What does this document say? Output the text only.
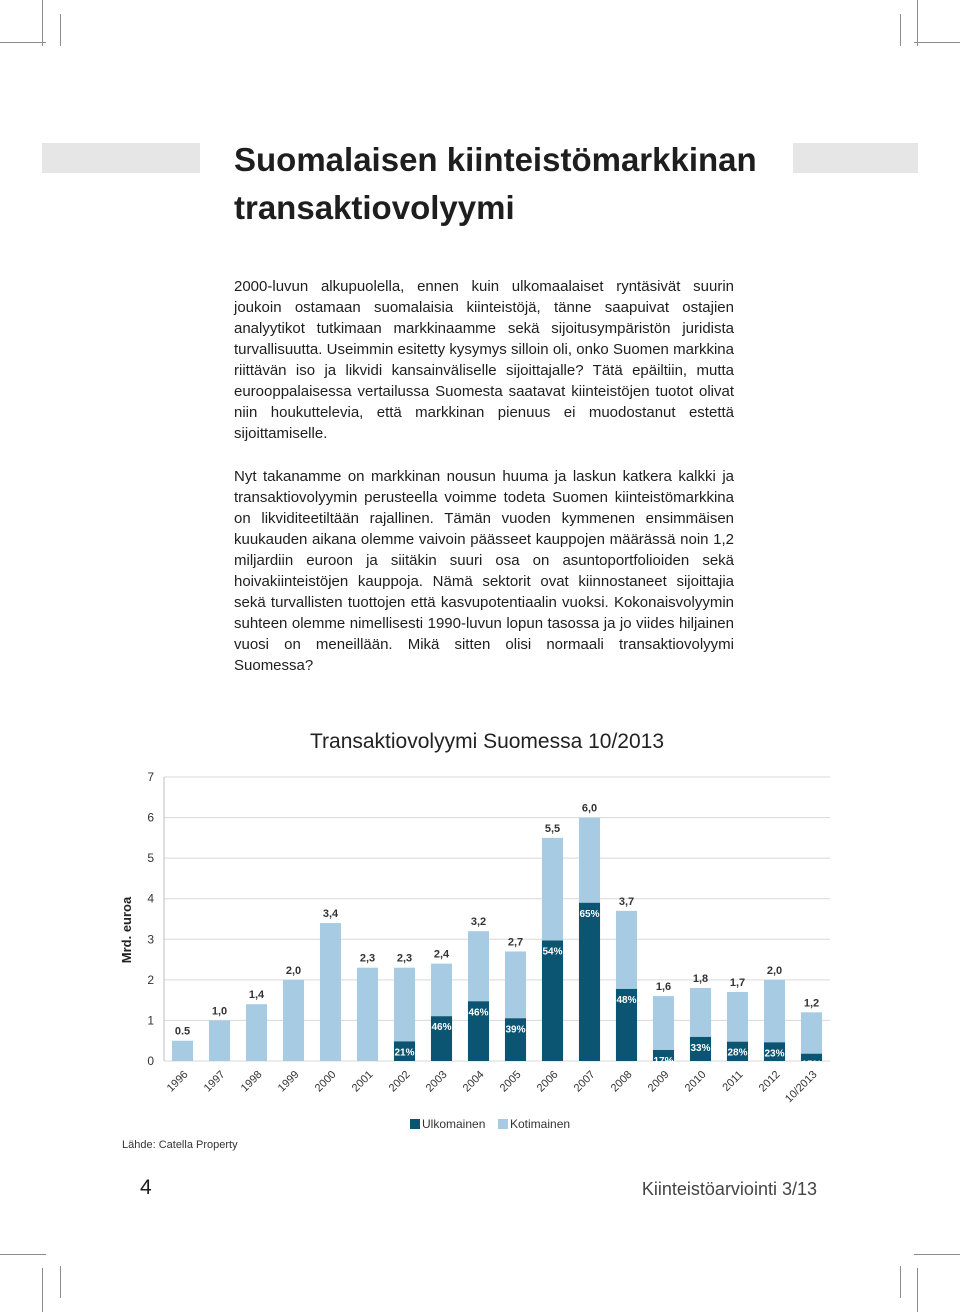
Suomalaisen kiinteistömarkkinan transaktiovolyymi

2000-luvun alkupuolella, ennen kuin ulkomaalaiset ryntäsivät suurin joukoin ostamaan suomalaisia kiinteistöjä, tänne saapuivat ostajien analyytikot tutkimaan markkinaamme sekä sijoitusympäristön juridista turvallisuutta. Useimmin esitetty kysymys silloin oli, onko Suomen markkina riittävän iso ja likvidi kansainväliselle sijoittajalle? Tätä epäiltiin, mutta eurooppalaisessa vertailussa Suomesta saatavat kiinteistöjen tuotot olivat niin houkuttelevia, että markkinan pienuus ei muodostanut estettä sijoittamiselle.

Nyt takanamme on markkinan nousun huuma ja laskun katkera kalkki ja transaktiovolyymin perusteella voimme todeta Suomen kiinteistömarkkina on likviditeetiltään rajallinen. Tämän vuoden kymmenen ensimmäisen kuukauden aikana olemme vaivoin päässeet kauppojen määrässä noin 1,2 miljardiin euroon ja siitäkin suuri osa on asuntoportfolioiden sekä hoivakiinteistöjen kauppoja. Nämä sektorit ovat kiinnostaneet sijoittajia sekä turvallisten tuottojen että kasvupotentiaalin vuoksi. Kokonaisvolyymin suhteen olemme nimellisesti 1990-luvun lopun tasossa ja jo viides hiljainen vuosi on meneillään. Mikä sitten olisi normaali transaktiovolyymi Suomessa?

Transaktiovolyymi Suomessa 10/2013
Mrd. euroa
0
1
2
3
4
5
6
7
0.5
1996
1,0
1997
1,4
1998
2,0
1999
3,4
2000
2,3
2001
21%
2,3
2002
46%
2,4
2003
46%
3,2
2004
39%
2,7
2005
54%
5,5
2006
65%
6,0
2007
48%
3,7
2008
17%
1,6
2009
33%
1,8
2010
28%
1,7
2011
23%
2,0
2012
15%
1,2
10/2013
Ulkomainen Kotimainen
Lähde: Catella Property
4	Kiinteistöarviointi 3/13
